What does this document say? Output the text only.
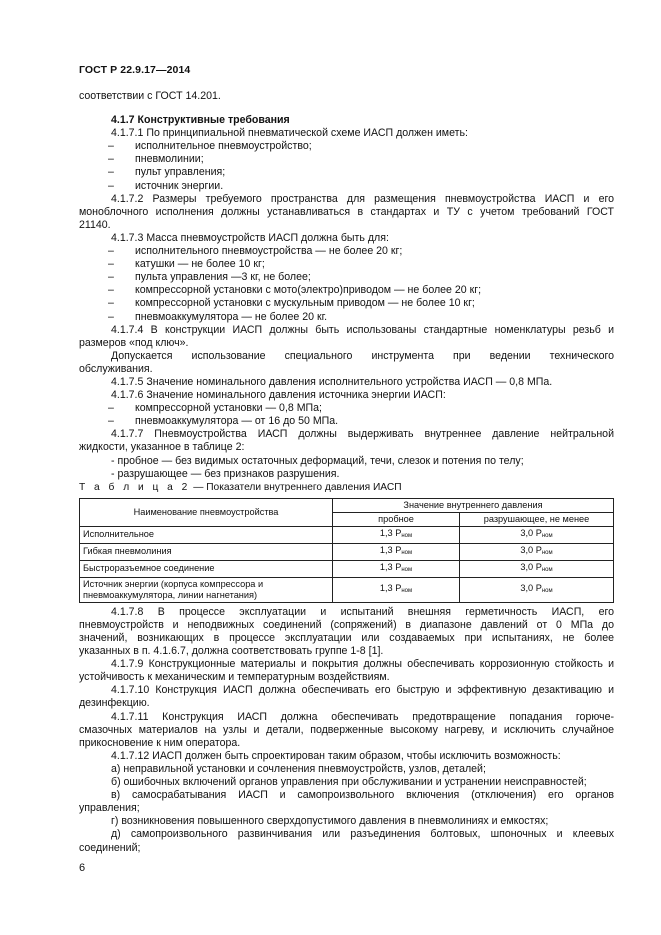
ГОСТ Р 22.9.17—2014

соответствии с ГОСТ 14.201.

4.1.7 Конструктивные требования

4.1.7.1 По принципиальной пневматической схеме ИАСП должен иметь:

– исполнительное пневмоустройство;

– пневмолинии;

– пульт управления;

– источник энергии.

4.1.7.2 Размеры требуемого пространства для размещения пневмоустройства ИАСП и его

моноблочного исполнения должны устанавливаться в стандартах и ТУ с учетом требований ГОСТ

21140.

4.1.7.3 Масса пневмоустройств ИАСП должна быть для:

– исполнительного пневмоустройства — не более 20 кг;

– катушки — не более 10 кг;

– пульта управления —3 кг, не более;

– компрессорной установки с мото(электро)приводом — не более 20 кг;

– компрессорной установки с мускульным приводом — не более 10 кг;

– пневмоаккумулятора — не более 20 кг.

4.1.7.4 В конструкции ИАСП должны быть использованы стандартные номенклатуры резьб и

размеров «под ключ».

Допускается использование специального инструмента при ведении технического

обслуживания.

4.1.7.5 Значение номинального давления исполнительного устройства ИАСП — 0,8 МПа.

4.1.7.6 Значение номинального давления источника энергии ИАСП:

– компрессорной установки — 0,8 МПа;

– пневмоаккумулятора — от 16 до 50 МПа.

4.1.7.7 Пневмоустройства ИАСП должны выдерживать внутреннее давление нейтральной

жидкости, указанное в таблице 2:

- пробное — без видимых остаточных деформаций, течи, слезок и потения по телу;

- разрушающее — без признаков разрушения.

Т а б л и ц а 2 — Показатели внутреннего давления ИАСП

Наименование пневмоустройства	Значение внутреннего давления	
	пробное	разрушающее, не менее
Исполнительное	1,3 Pном	3,0 Pном
Гибкая пневмолиния	1,3 Pном	3,0 Pном
Быстроразъемное соединение	1,3 Pном	3,0 Pном
Источник энергии (корпуса компрессора и пневмоаккумулятора, линии нагнетания)	1,3 Pном	3,0 Pном

4.1.7.8 В процессе эксплуатации и испытаний внешняя герметичность ИАСП, его

пневмоустройств и неподвижных соединений (сопряжений) в диапазоне давлений от 0 МПа до

значений, возникающих в процессе эксплуатации или создаваемых при испытаниях, не более

указанных в п. 4.1.6.7, должна соответствовать группе 1-8 [1].

4.1.7.9 Конструкционные материалы и покрытия должны обеспечивать коррозионную стойкость и

устойчивость к механическим и температурным воздействиям.

4.1.7.10 Конструкция ИАСП должна обеспечивать его быструю и эффективную дезактивацию и

дезинфекцию.

4.1.7.11 Конструкция ИАСП должна обеспечивать предотвращение попадания горюче-

смазочных материалов на узлы и детали, подверженные высокому нагреву, и исключить случайное

прикосновение к ним оператора.

4.1.7.12 ИАСП должен быть спроектирован таким образом, чтобы исключить возможность:

а) неправильной установки и сочленения пневмоустройств, узлов, деталей;

б) ошибочных включений органов управления при обслуживании и устранении неисправностей;

в) самосрабатывания ИАСП и самопроизвольного включения (отключения) его органов

управления;

г) возникновения повышенного сверхдопустимого давления в пневмолиниях и емкостях;

д) самопроизвольного развинчивания или разъединения болтовых, шпоночных и клеевых

соединений;

6
